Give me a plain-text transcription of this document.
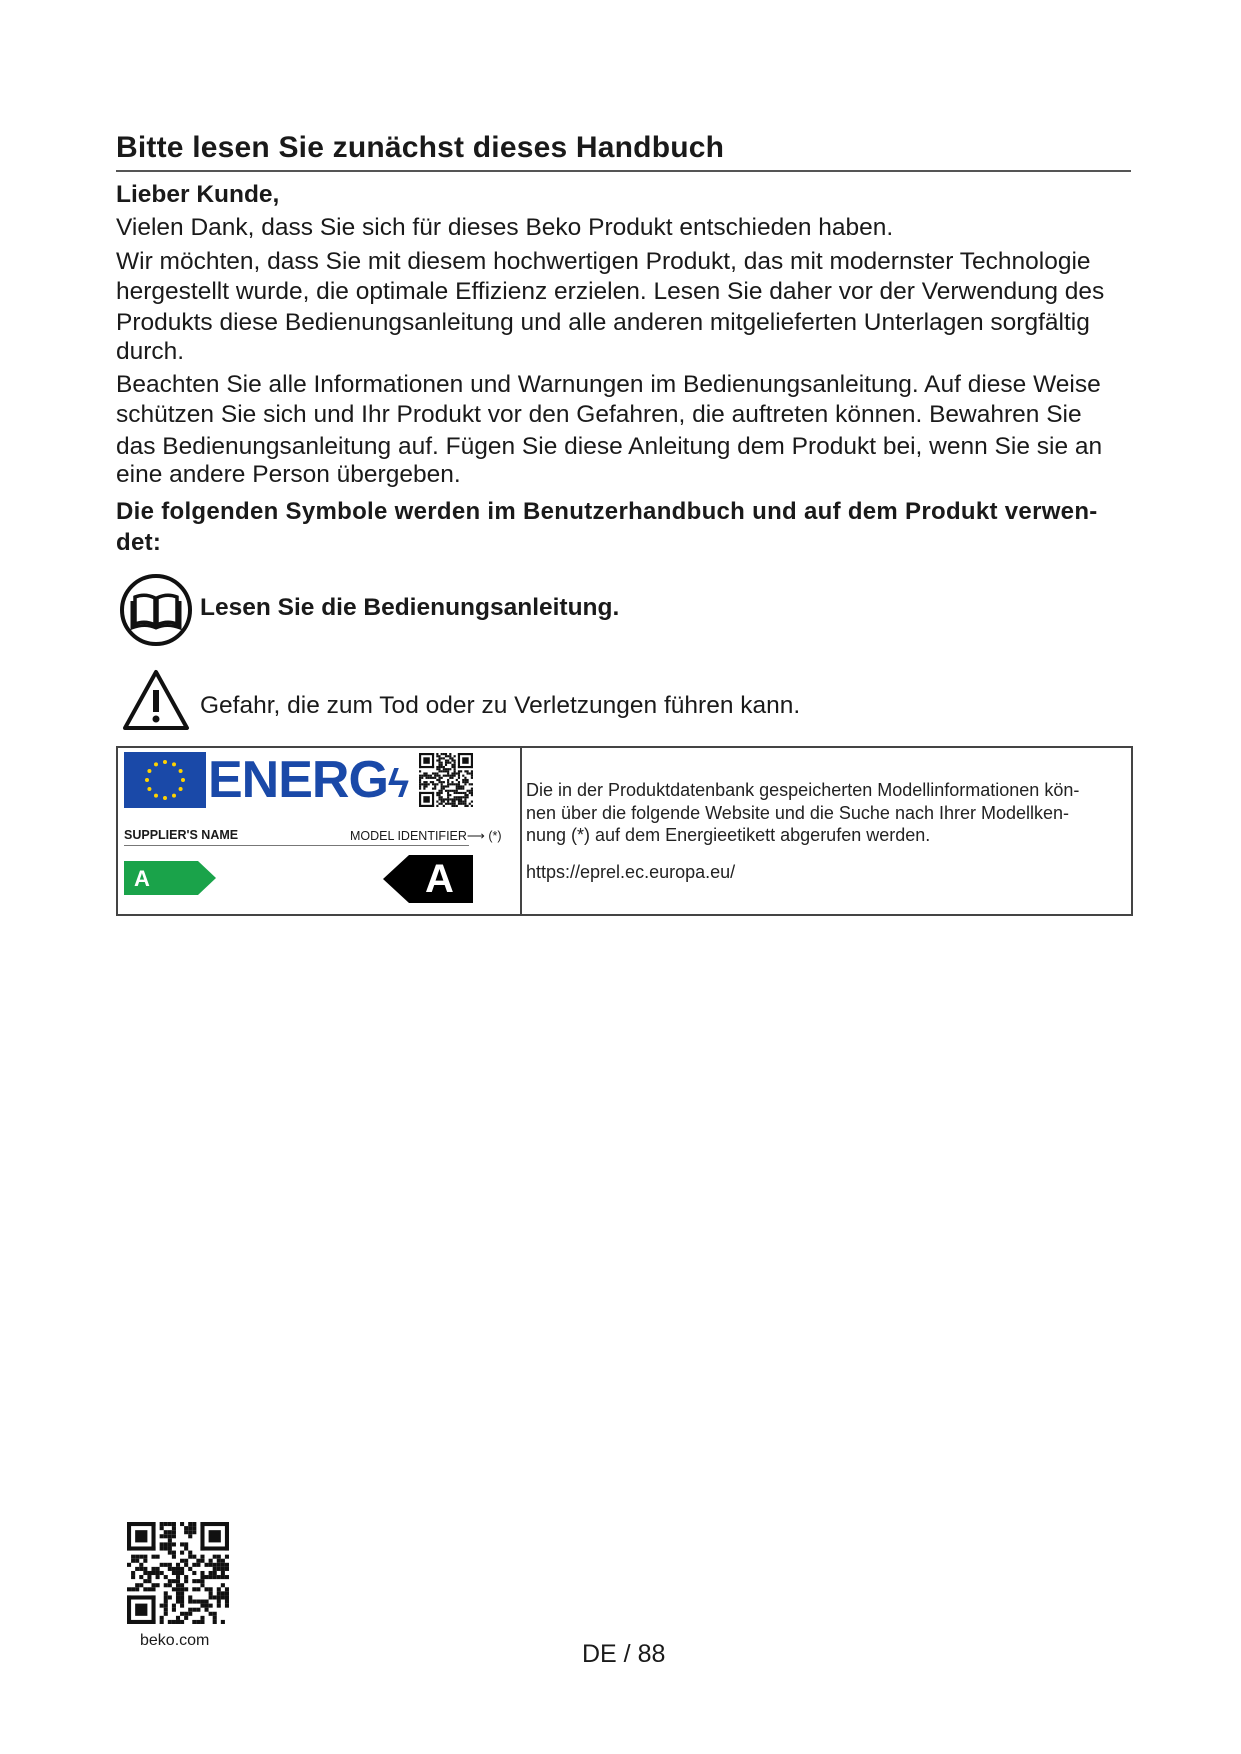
Bitte lesen Sie zunächst dieses Handbuch
Lieber Kunde,
Vielen Dank, dass Sie sich für dieses Beko Produkt entschieden haben.
Wir möchten, dass Sie mit diesem hochwertigen Produkt, das mit modernster Technologie
hergestellt wurde, die optimale Effizienz erzielen. Lesen Sie daher vor der Verwendung des
Produkts diese Bedienungsanleitung und alle anderen mitgelieferten Unterlagen sorgfältig
durch.
Beachten Sie alle Informationen und Warnungen im Bedienungsanleitung. Auf diese Weise
schützen Sie sich und Ihr Produkt vor den Gefahren, die auftreten können. Bewahren Sie
das Bedienungsanleitung auf. Fügen Sie diese Anleitung dem Produkt bei, wenn Sie sie an
eine andere Person übergeben.
Die folgenden Symbole werden im Benutzerhandbuch und auf dem Produkt verwen-
det:
Lesen Sie die Bedienungsanleitung.
Gefahr, die zum Tod oder zu Verletzungen führen kann.
ENERGϟ
SUPPLIER'S NAME	MODEL IDENTIFIER⟶ (*)
A	A
Die in der Produktdatenbank gespeicherten Modellinformationen kön-
nen über die folgende Website und die Suche nach Ihrer Modellken-
nung (*) auf dem Energieetikett abgerufen werden.
https://eprel.ec.europa.eu/
beko.com	DE / 88
